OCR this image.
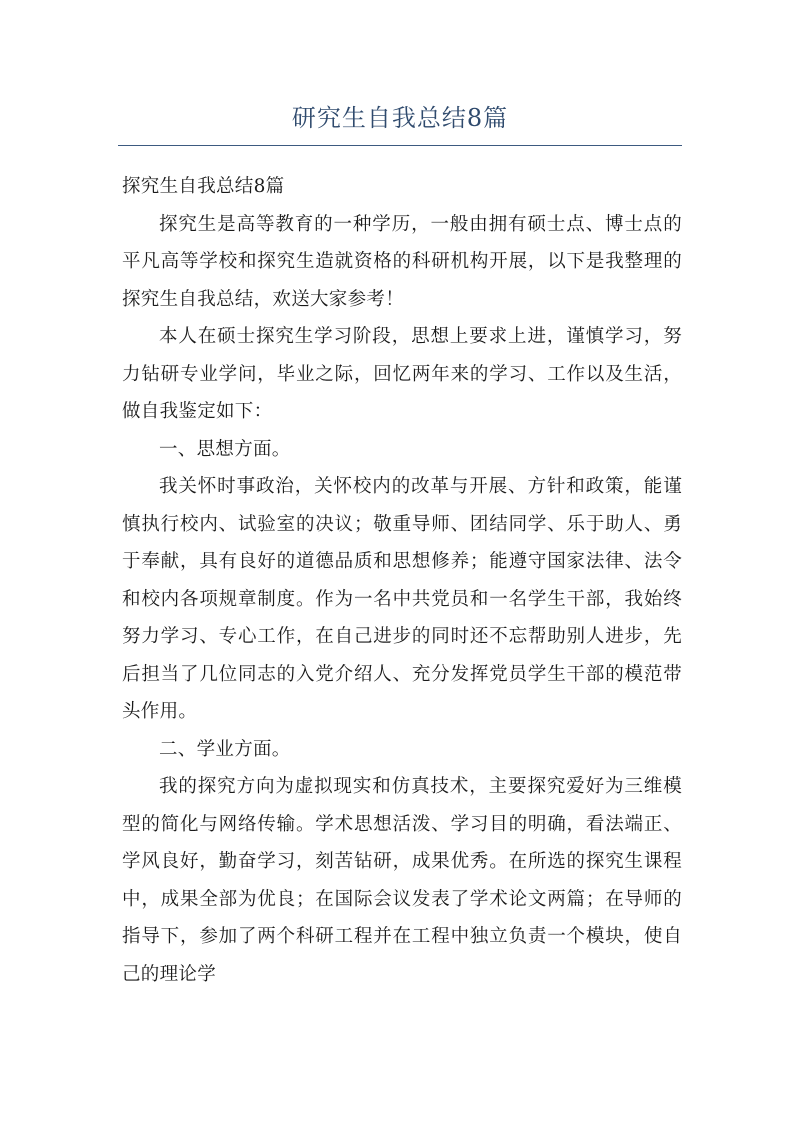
研究生自我总结8篇

探究生自我总结8篇

探究生是高等教育的一种学历，一般由拥有硕士点、博士点的平凡高等学校和探究生造就资格的科研机构开展，以下是我整理的探究生自我总结，欢送大家参考！

本人在硕士探究生学习阶段，思想上要求上进，谨慎学习，努力钻研专业学问，毕业之际，回忆两年来的学习、工作以及生活，做自我鉴定如下：

一、思想方面。

我关怀时事政治，关怀校内的改革与开展、方针和政策，能谨慎执行校内、试验室的决议；敬重导师、团结同学、乐于助人、勇于奉献，具有良好的道德品质和思想修养；能遵守国家法律、法令和校内各项规章制度。作为一名中共党员和一名学生干部，我始终努力学习、专心工作，在自己进步的同时还不忘帮助别人进步，先后担当了几位同志的入党介绍人、充分发挥党员学生干部的模范带头作用。

二、学业方面。

我的探究方向为虚拟现实和仿真技术，主要探究爱好为三维模型的简化与网络传输。学术思想活泼、学习目的明确，看法端正、学风良好，勤奋学习，刻苦钻研，成果优秀。在所选的探究生课程中，成果全部为优良；在国际会议发表了学术论文两篇；在导师的指导下，参加了两个科研工程并在工程中独立负责一个模块，使自己的理论学
